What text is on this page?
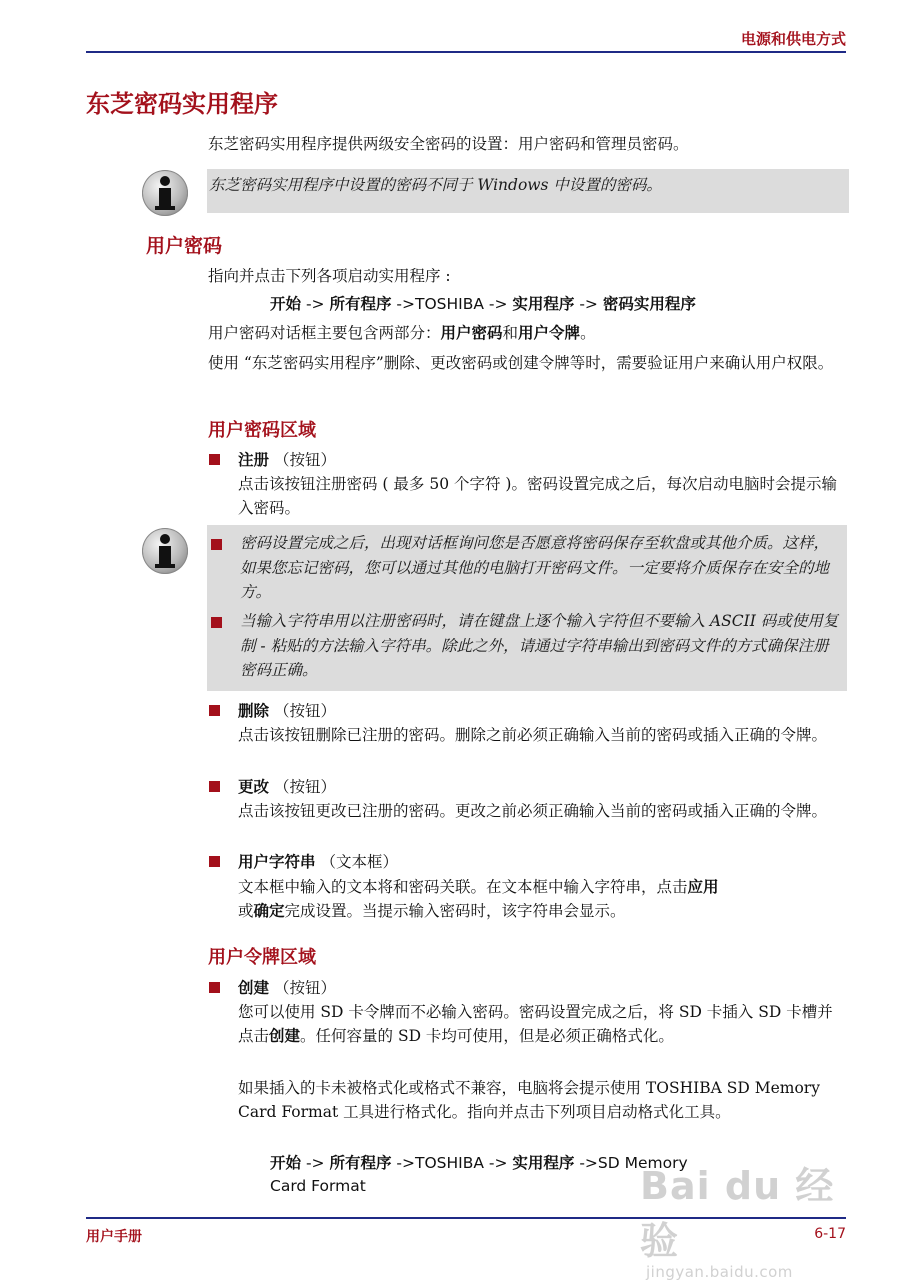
电源和供电方式
东芝密码实用程序
东芝密码实用程序提供两级安全密码的设置：用户密码和管理员密码。
东芝密码实用程序中设置的密码不同于 Windows 中设置的密码。
用户密码
指向并点击下列各项启动实用程序 :
开始 -> 所有程序 ->TOSHIBA -> 实用程序 -> 密码实用程序
用户密码对话框主要包含两部分：用户密码和用户令牌。
使用 “东芝密码实用程序”删除、更改密码或创建令牌等时，需要验证用户来确认用户权限。
用户密码区域
注册 （按钮）
点击该按钮注册密码 ( 最多 50 个字符 )。密码设置完成之后，每次启动电脑时会提示输入密码。
密码设置完成之后，出现对话框询问您是否愿意将密码保存至软盘或其他介质。这样，如果您忘记密码，您可以通过其他的电脑打开密码文件。一定要将介质保存在安全的地方。
当输入字符串用以注册密码时，请在键盘上逐个输入字符但不要输入 ASCII 码或使用复制 - 粘贴的方法输入字符串。除此之外，请通过字符串输出到密码文件的方式确保注册密码正确。
删除 （按钮）
点击该按钮删除已注册的密码。删除之前必须正确输入当前的密码或插入正确的令牌。
更改 （按钮）
点击该按钮更改已注册的密码。更改之前必须正确输入当前的密码或插入正确的令牌。
用户字符串 （文本框）
文本框中输入的文本将和密码关联。在文本框中输入字符串，点击应用
或确定完成设置。当提示输入密码时，该字符串会显示。
用户令牌区域
创建 （按钮）
您可以使用 SD 卡令牌而不必输入密码。密码设置完成之后，将 SD 卡插入 SD 卡槽并点击创建。任何容量的 SD 卡均可使用，但是必须正确格式化。
如果插入的卡未被格式化或格式不兼容，电脑将会提示使用 TOSHIBA SD Memory Card Format 工具进行格式化。指向并点击下列项目启动格式化工具。
开始 -> 所有程序 ->TOSHIBA -> 实用程序 ->SD Memory
Card Format
用户手册	6-17
Bai du 经验
jingyan.baidu.com
